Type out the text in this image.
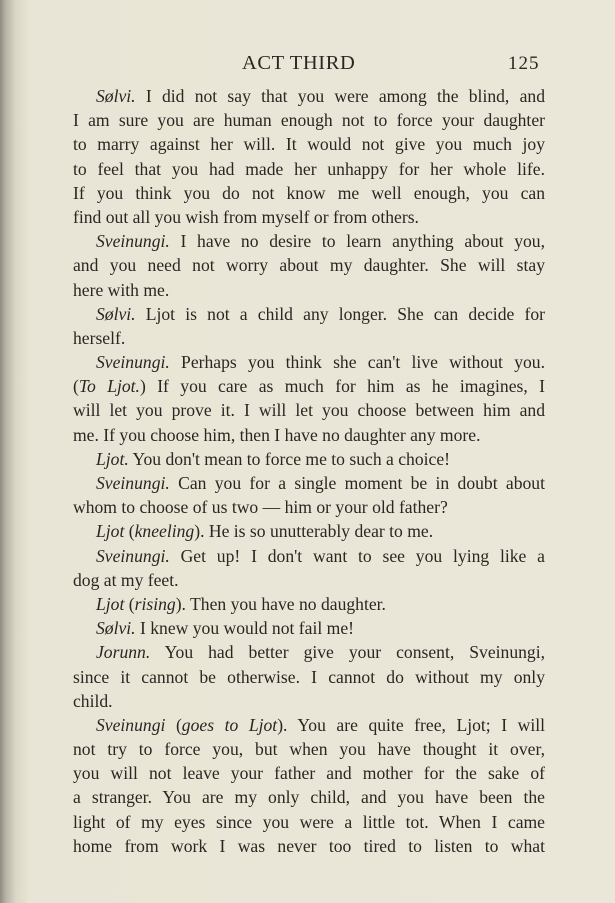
ACT THIRD	125
Sølvi. I did not say that you were among the blind, and
I am sure you are human enough not to force your daughter
to marry against her will. It would not give you much joy
to feel that you had made her unhappy for her whole life.
If you think you do not know me well enough, you can
find out all you wish from myself or from others.
Sveinungi. I have no desire to learn anything about you,
and you need not worry about my daughter. She will stay
here with me.
Sølvi. Ljot is not a child any longer. She can decide for
herself.
Sveinungi. Perhaps you think she can't live without you.
(To Ljot.) If you care as much for him as he imagines, I
will let you prove it. I will let you choose between him and
me. If you choose him, then I have no daughter any more.
Ljot. You don't mean to force me to such a choice!
Sveinungi. Can you for a single moment be in doubt about
whom to choose of us two — him or your old father?
Ljot (kneeling). He is so unutterably dear to me.
Sveinungi. Get up! I don't want to see you lying like a
dog at my feet.
Ljot (rising). Then you have no daughter.
Sølvi. I knew you would not fail me!
Jorunn. You had better give your consent, Sveinungi,
since it cannot be otherwise. I cannot do without my only
child.
Sveinungi (goes to Ljot). You are quite free, Ljot; I will
not try to force you, but when you have thought it over,
you will not leave your father and mother for the sake of
a stranger. You are my only child, and you have been the
light of my eyes since you were a little tot. When I came
home from work I was never too tired to listen to what
